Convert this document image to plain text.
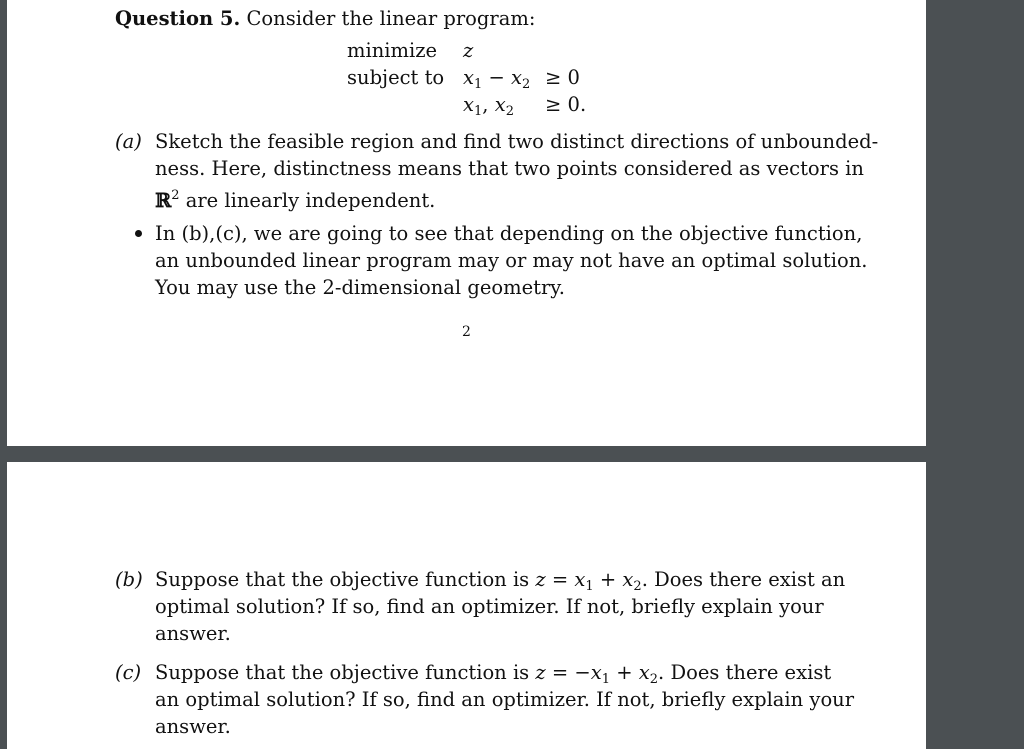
Question 5. Consider the linear program:
minimize z
subject to $x_1 - x_2 \ge 0$
$x_1$, $x_2 \ge 0$.
(a) Sketch the feasible region and find two distinct directions of unbounded-
ness. Here, distinctness means that two points considered as vectors in
ℝ$^2$ are linearly independent.
In (b),(c), we are going to see that depending on the objective function,
an unbounded linear program may or may not have an optimal solution.
You may use the 2-dimensional geometry.
2
(b) Suppose that the objective function is $z = x_1 + x_2$. Does there exist an
optimal solution? If so, find an optimizer. If not, briefly explain your
answer.
(c) Suppose that the objective function is $z = -x_1 + x_2$. Does there exist
an optimal solution? If so, find an optimizer. If not, briefly explain your
answer.
